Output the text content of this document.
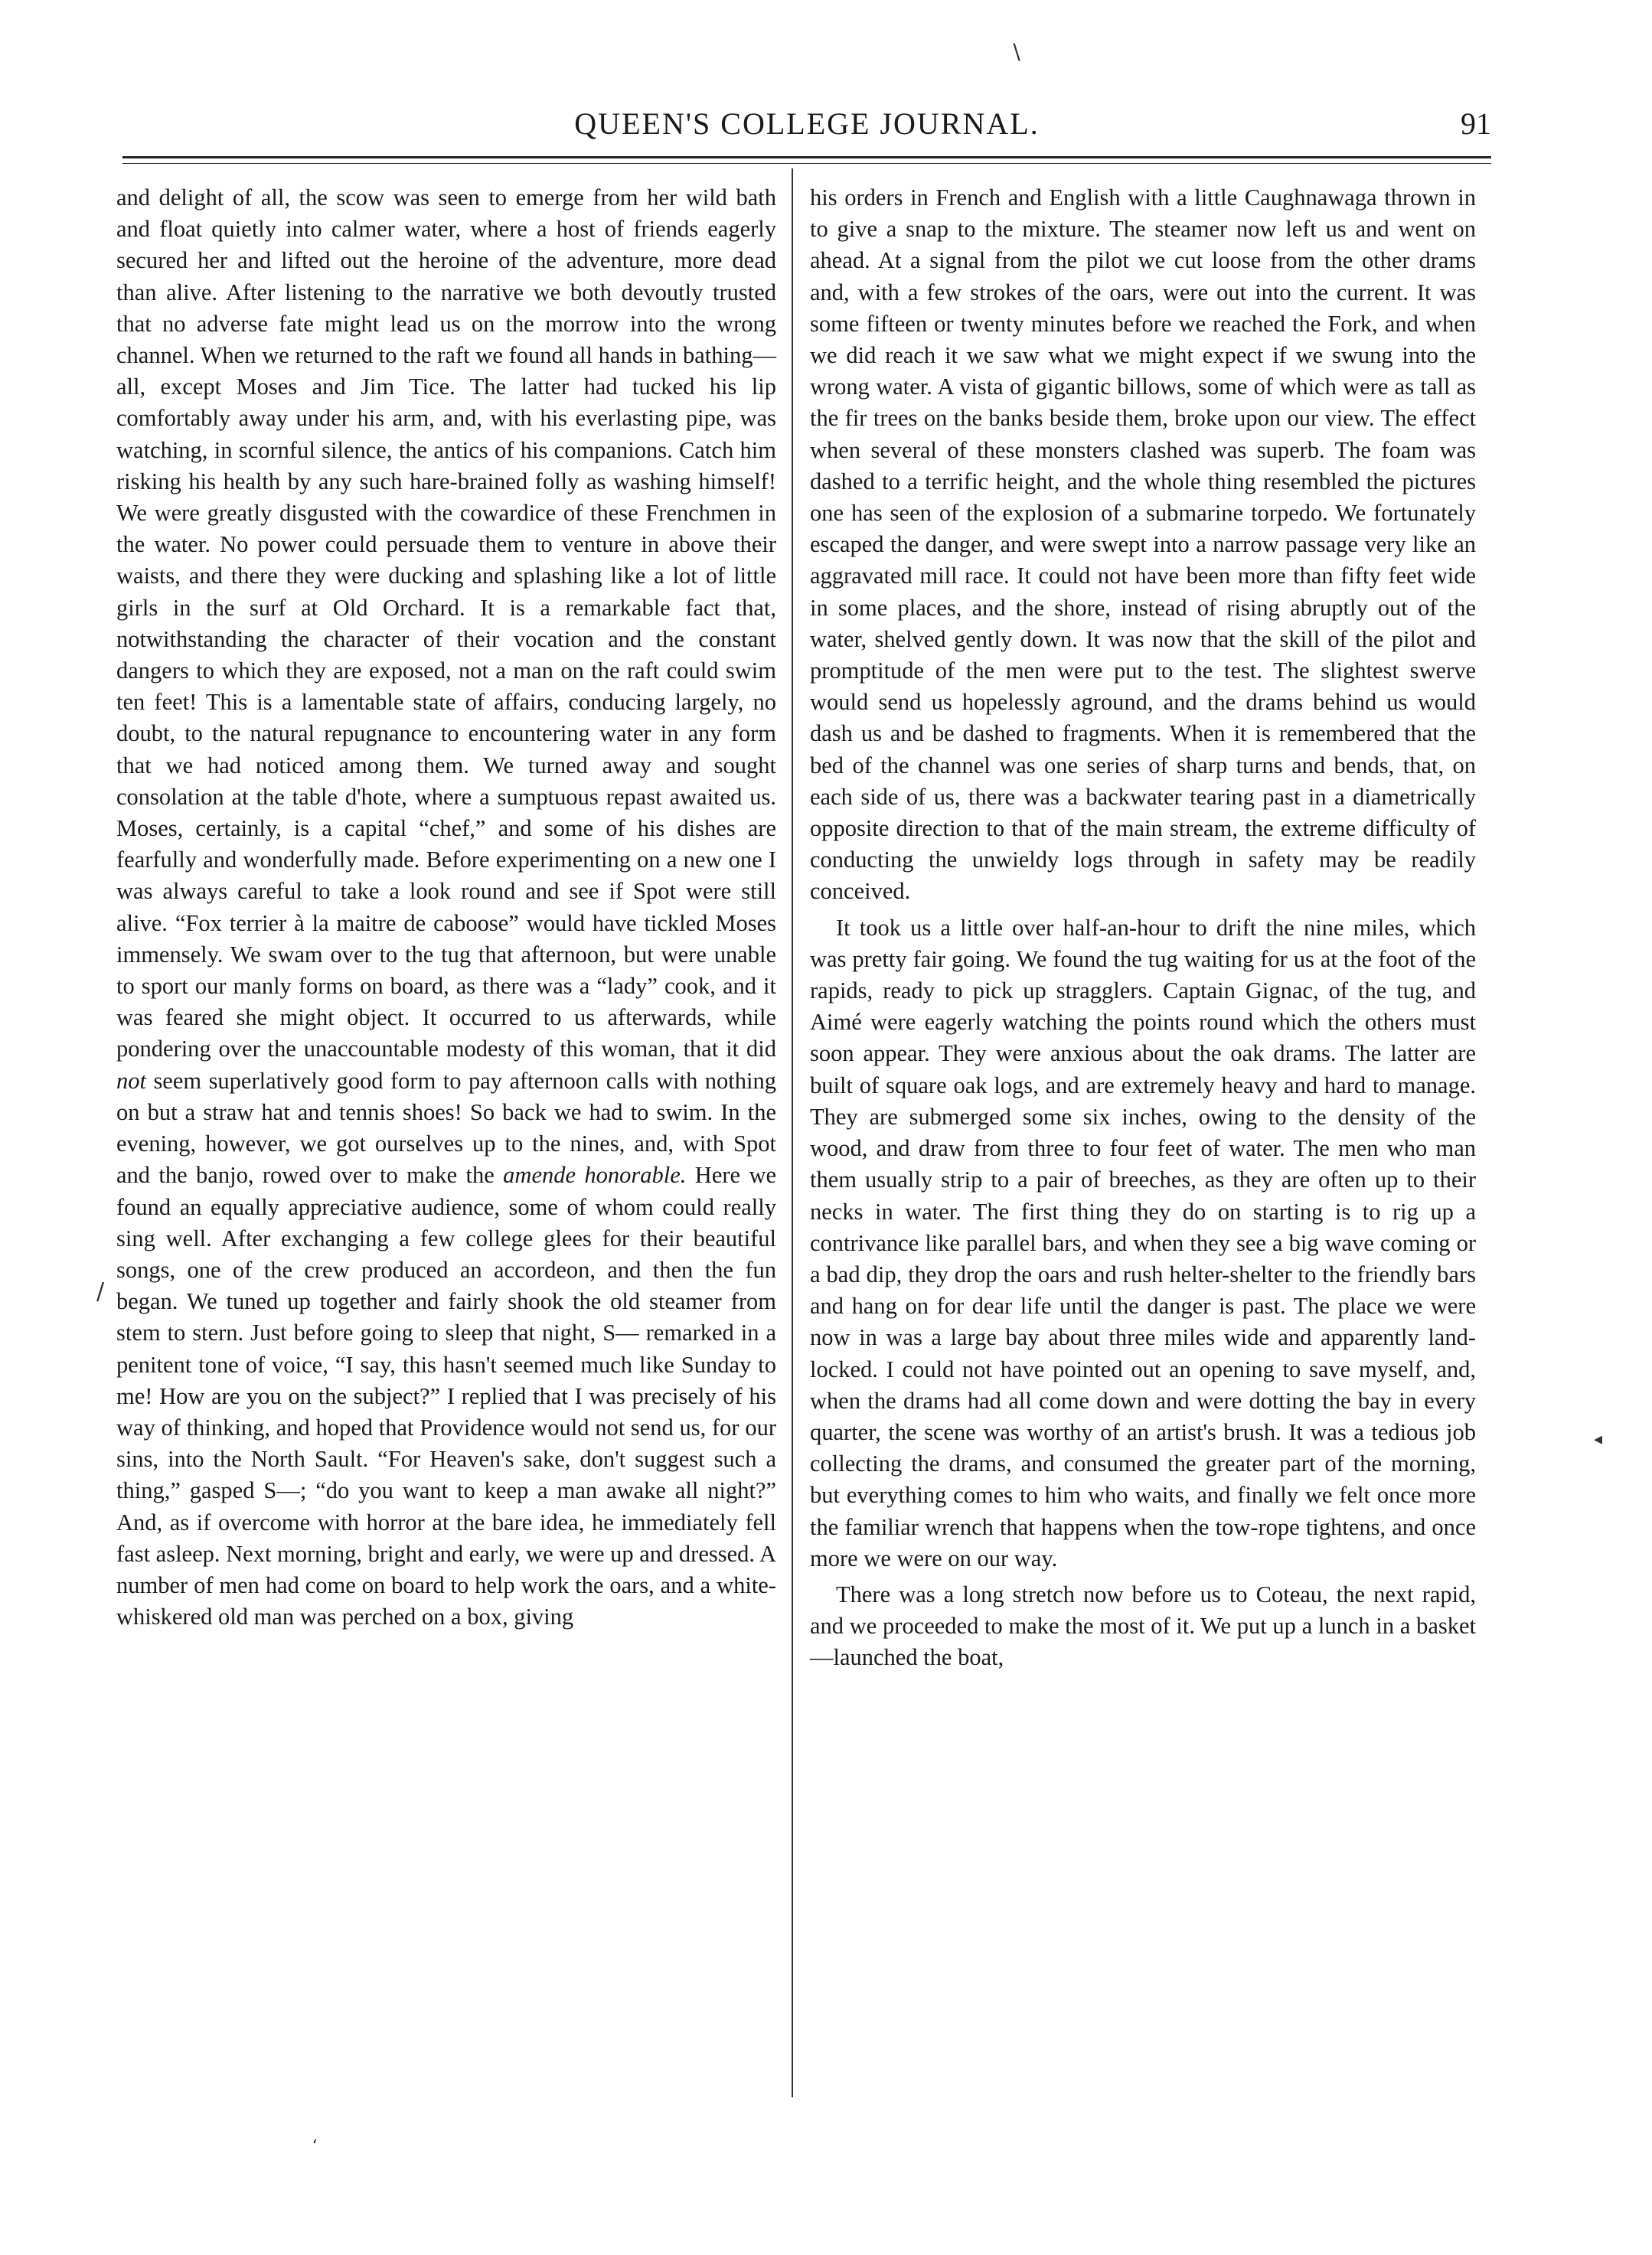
∖
QUEEN'S COLLEGE JOURNAL.	91

and delight of all, the scow was seen to emerge from her wild bath and float quietly into calmer water, where a host of friends eagerly secured her and lifted out the heroine of the adventure, more dead than alive. After listening to the narrative we both devoutly trusted that no adverse fate might lead us on the morrow into the wrong channel. When we returned to the raft we found all hands in bathing—all, except Moses and Jim Tice. The latter had tucked his lip comfortably away under his arm, and, with his everlasting pipe, was watching, in scornful silence, the antics of his companions. Catch him risking his health by any such hare-brained folly as washing himself! We were greatly disgusted with the cowardice of these Frenchmen in the water. No power could persuade them to venture in above their waists, and there they were ducking and splashing like a lot of little girls in the surf at Old Orchard. It is a remarkable fact that, notwithstanding the character of their vocation and the constant dangers to which they are exposed, not a man on the raft could swim ten feet! This is a lamentable state of affairs, conducing largely, no doubt, to the natural repugnance to encountering water in any form that we had noticed among them. We turned away and sought consolation at the table d'hote, where a sumptuous repast awaited us. Moses, certainly, is a capital “chef,” and some of his dishes are fearfully and wonderfully made. Before experimenting on a new one I was always careful to take a look round and see if Spot were still alive. “Fox terrier à la maitre de caboose” would have tickled Moses immensely. We swam over to the tug that afternoon, but were unable to sport our manly forms on board, as there was a “lady” cook, and it was feared she might object. It occurred to us afterwards, while pondering over the unaccountable modesty of this woman, that it did not seem superlatively good form to pay afternoon calls with nothing on but a straw hat and tennis shoes! So back we had to swim. In the evening, however, we got ourselves up to the nines, and, with Spot and the banjo, rowed over to make the amende honorable. Here we found an equally appreciative audience, some of whom could really sing well. After exchanging a few college glees for their beautiful songs, one of the crew produced an accordeon, and then the fun began. We tuned up together and fairly shook the old steamer from stem to stern. Just before going to sleep that night, S— remarked in a penitent tone of voice, “I say, this hasn't seemed much like Sunday to me! How are you on the subject?” I replied that I was precisely of his way of thinking, and hoped that Providence would not send us, for our sins, into the North Sault. “For Heaven's sake, don't suggest such a thing,” gasped S—; “do you want to keep a man awake all night?” And, as if overcome with horror at the bare idea, he immediately fell fast asleep. Next morning, bright and early, we were up and dressed. A number of men had come on board to help work the oars, and a white-whiskered old man was perched on a box, giving

his orders in French and English with a little Caughnawaga thrown in to give a snap to the mixture. The steamer now left us and went on ahead. At a signal from the pilot we cut loose from the other drams and, with a few strokes of the oars, were out into the current. It was some fifteen or twenty minutes before we reached the Fork, and when we did reach it we saw what we might expect if we swung into the wrong water. A vista of gigantic billows, some of which were as tall as the fir trees on the banks beside them, broke upon our view. The effect when several of these monsters clashed was superb. The foam was dashed to a terrific height, and the whole thing resembled the pictures one has seen of the explosion of a submarine torpedo. We fortunately escaped the danger, and were swept into a narrow passage very like an aggravated mill race. It could not have been more than fifty feet wide in some places, and the shore, instead of rising abruptly out of the water, shelved gently down. It was now that the skill of the pilot and promptitude of the men were put to the test. The slightest swerve would send us hopelessly aground, and the drams behind us would dash us and be dashed to fragments. When it is remembered that the bed of the channel was one series of sharp turns and bends, that, on each side of us, there was a backwater tearing past in a diametrically opposite direction to that of the main stream, the extreme difficulty of conducting the unwieldy logs through in safety may be readily conceived.

It took us a little over half-an-hour to drift the nine miles, which was pretty fair going. We found the tug waiting for us at the foot of the rapids, ready to pick up stragglers. Captain Gignac, of the tug, and Aimé were eagerly watching the points round which the others must soon appear. They were anxious about the oak drams. The latter are built of square oak logs, and are extremely heavy and hard to manage. They are submerged some six inches, owing to the density of the wood, and draw from three to four feet of water. The men who man them usually strip to a pair of breeches, as they are often up to their necks in water. The first thing they do on starting is to rig up a contrivance like parallel bars, and when they see a big wave coming or a bad dip, they drop the oars and rush helter-shelter to the friendly bars and hang on for dear life until the danger is past. The place we were now in was a large bay about three miles wide and apparently land-locked. I could not have pointed out an opening to save myself, and, when the drams had all come down and were dotting the bay in every quarter, the scene was worthy of an artist's brush. It was a tedious job collecting the drams, and consumed the greater part of the morning, but everything comes to him who waits, and finally we felt once more the familiar wrench that happens when the tow-rope tightens, and once more we were on our way.

There was a long stretch now before us to Coteau, the next rapid, and we proceeded to make the most of it. We put up a lunch in a basket—launched the boat,

/
◂
‘
